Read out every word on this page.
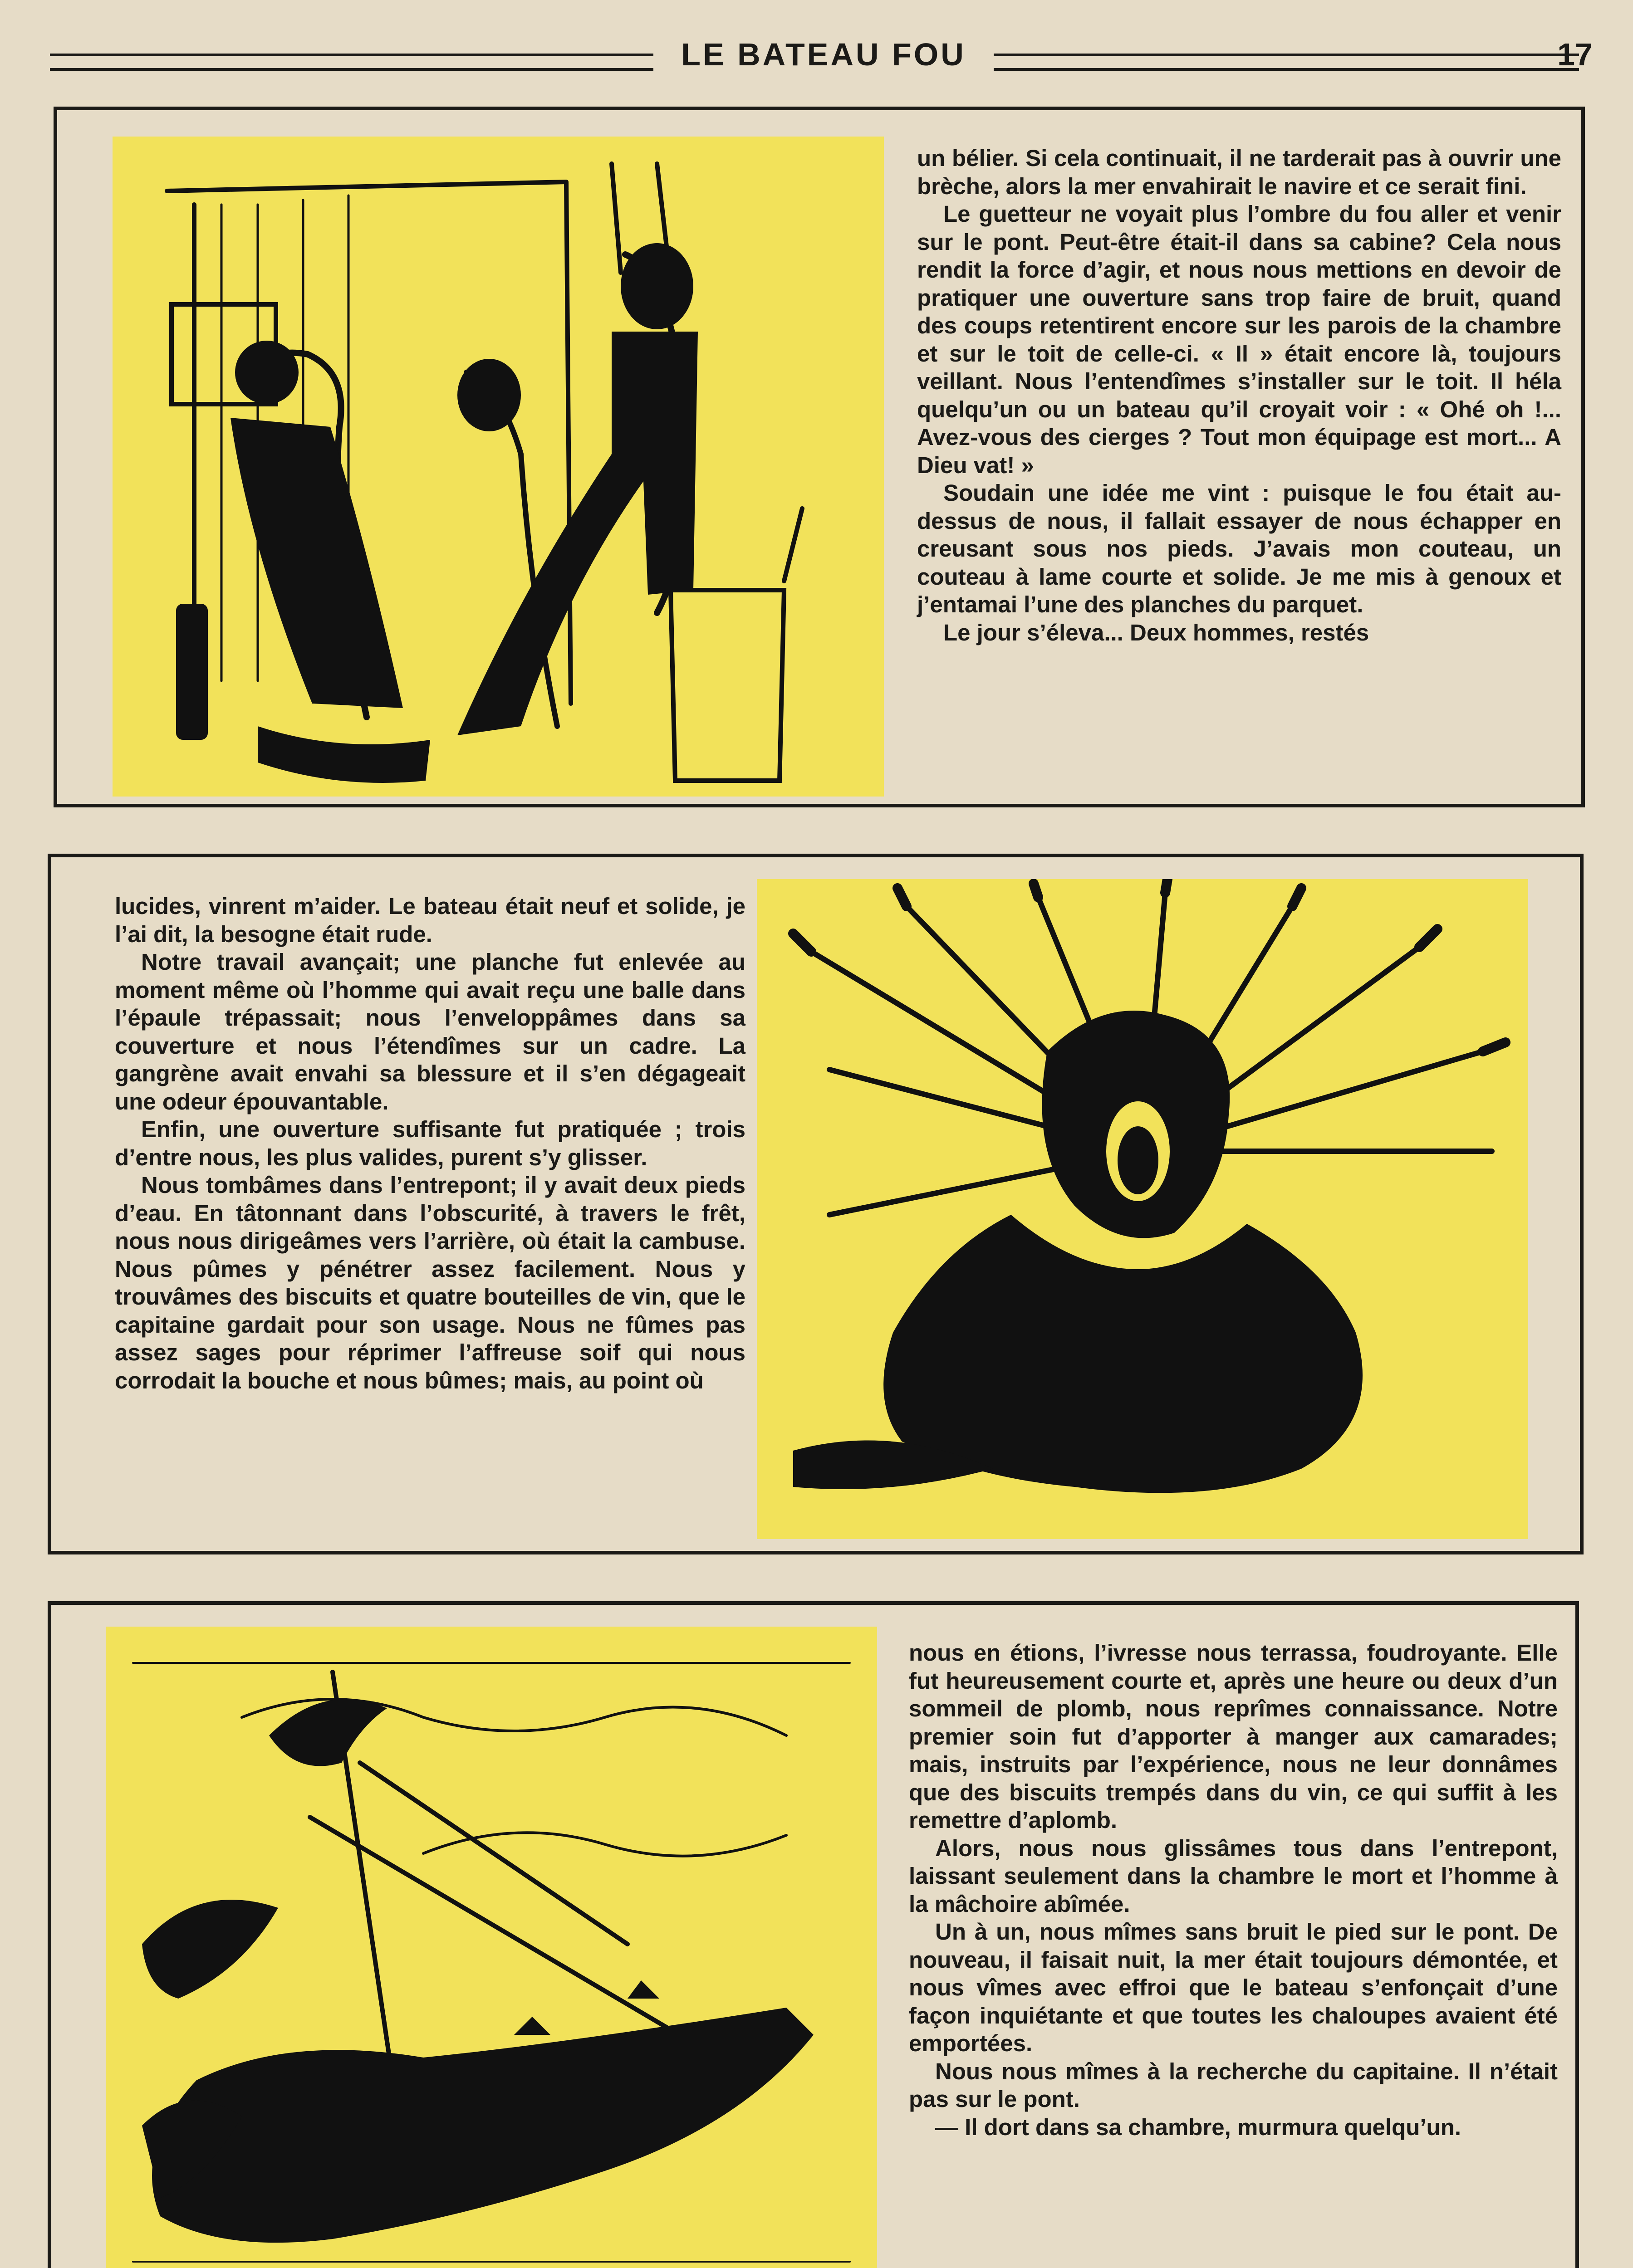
LE BATEAU FOU	17

un bélier. Si cela continuait, il ne tarderait pas à ouvrir une brèche, alors la mer envahirait le navire et ce serait fini.

Le guetteur ne voyait plus l’ombre du fou aller et venir sur le pont. Peut-être était-il dans sa cabine? Cela nous rendit la force d’agir, et nous nous mettions en devoir de pratiquer une ouverture sans trop faire de bruit, quand des coups retentirent encore sur les parois de la chambre et sur le toit de celle-ci. « Il » était encore là, toujours veillant. Nous l’entendîmes s’installer sur le toit. Il héla quelqu’un ou un bateau qu’il croyait voir : « Ohé oh !... Avez-vous des cierges ? Tout mon équipage est mort... A Dieu vat! »

Soudain une idée me vint : puisque le fou était au-dessus de nous, il fallait essayer de nous échapper en creusant sous nos pieds. J’avais mon couteau, un couteau à lame courte et solide. Je me mis à genoux et j’entamai l’une des planches du parquet.

Le jour s’éleva... Deux hommes, restés

lucides, vinrent m’aider. Le bateau était neuf et solide, je l’ai dit, la besogne était rude.

Notre travail avançait; une planche fut enlevée au moment même où l’homme qui avait reçu une balle dans l’épaule trépassait; nous l’enveloppâmes dans sa couverture et nous l’étendîmes sur un cadre. La gangrène avait envahi sa blessure et il s’en dégageait une odeur épouvantable.

Enfin, une ouverture suffisante fut pratiquée ; trois d’entre nous, les plus valides, purent s’y glisser.

Nous tombâmes dans l’entrepont; il y avait deux pieds d’eau. En tâtonnant dans l’obscurité, à travers le frêt, nous nous dirigeâmes vers l’arrière, où était la cambuse. Nous pûmes y pénétrer assez facilement. Nous y trouvâmes des biscuits et quatre bouteilles de vin, que le capitaine gardait pour son usage. Nous ne fûmes pas assez sages pour réprimer l’affreuse soif qui nous corrodait la bouche et nous bûmes; mais, au point où

nous en étions, l’ivresse nous terrassa, foudroyante. Elle fut heureusement courte et, après une heure ou deux d’un sommeil de plomb, nous reprîmes connaissance. Notre premier soin fut d’apporter à manger aux camarades; mais, instruits par l’expérience, nous ne leur donnâmes que des biscuits trempés dans du vin, ce qui suffit à les remettre d’aplomb.

Alors, nous nous glissâmes tous dans l’entrepont, laissant seulement dans la chambre le mort et l’homme à la mâchoire abîmée.

Un à un, nous mîmes sans bruit le pied sur le pont. De nouveau, il faisait nuit, la mer était toujours démontée, et nous vîmes avec effroi que le bateau s’enfonçait d’une façon inquiétante et que toutes les chaloupes avaient été emportées.

Nous nous mîmes à la recherche du capitaine. Il n’était pas sur le pont.

— Il dort dans sa chambre, murmura quelqu’un.
